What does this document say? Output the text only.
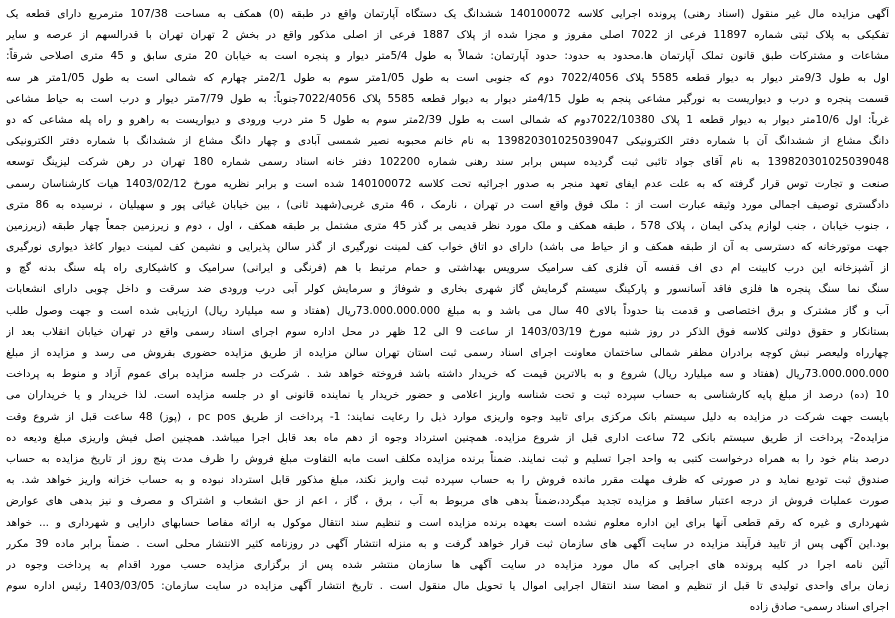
آگهی مزایده مال غیر منقول (اسناد رهنی) پرونده اجرایی کلاسه 140100072 ششدانگ یک دستگاه آپارتمان واقع در طبقه (0) همکف به مساحت 107/38 مترمربع دارای قطعه یک
تفکیکی به پلاک ثبتی شماره 11897 فرعی از 7022 اصلی مفروز و مجزا شده از پلاک 1887 فرعی از اصلی مذکور واقع در بخش 2 تهران تهران با قدرالسهم از عرصه و سایر
مشاعات و مشترکات طبق قانون تملک آپارتمان ها.محدود به حدود: حدود آپارتمان: شمالاً به طول 5/4متر دیوار و پنجره است به خیابان 20 متری سابق و 45 متری اصلاحی شرقاً:
اول به طول 9/3متر دیوار به دیوار قطعه 5585 پلاک 7022/4056 دوم که جنوبی است به طول 1/05متر سوم به طول 2/1متر چهارم که شمالی است به طول 1/05متر هر سه
قسمت پنجره و درب و دیواریست به نورگیر مشاعی پنجم به طول 4/15متر دیوار به دیوار قطعه 5585 پلاک 7022/4056جنوباً: به طول 7/79متر دیوار و درب است به حیاط مشاعی
غرباً: اول 10/6متر دیوار به دیوار قطعه 1 پلاک 7022/10380دوم که شمالی است به طول 2/39متر سوم به طول 5 متر درب ورودی و دیواریست به راهرو و راه پله مشاعی که دو
دانگ مشاع از ششدانگ آن با شماره دفتر الکترونیکی 139820301025039047 به نام خانم محبوبه نصیر شمسی آبادی و چهار دانگ مشاع از ششدانگ با شماره دفتر الکترونیکی
139820301025039048 به نام آقای جواد تائبی ثبت گردیده سپس برابر سند رهنی شماره 102200 دفتر خانه اسناد رسمی شماره 180 تهران در رهن شرکت لیزینگ توسعه
صنعت و تجارت توس قرار گرفته که به علت عدم ایفای تعهد منجر به صدور اجرائیه تحت کلاسه 140100072 شده است و برابر نظریه مورخ 1403/02/12 هیات کارشناسان رسمی
دادگستری توصیف اجمالی مورد وثیقه عبارت است از : ملک فوق واقع است در تهران ، نارمک ، 46 متری غربی(شهید ثانی) ، بین خیابان غیاثی پور و سهیلیان ، نرسیده به 86 متری
، جنوب خیابان ، جنب لوازم یدکی ایمان ، پلاک 578 ، طبقه همکف و ملک مورد نظر قدیمی بر گذر 45 متری مشتمل بر طبقه همکف ، اول ، دوم و زیرزمین جمعاً چهار طبقه (زیرزمین
جهت موتورخانه که دسترسی به آن از طبقه همکف و از حیاط می باشد) دارای دو اتاق خواب کف لمینت نورگیری از گذر سالن پذیرایی و نشیمن کف لمینت دیوار کاغذ دیواری نورگیری
از آشپزخانه این درب کابینت ام دی اف قفسه آن فلزی کف سرامیک سرویس بهداشتی و حمام مرتبط با هم (فرنگی و ایرانی) سرامیک و کاشیکاری راه پله سنگ بدنه گچ و
سنگ نما سنگ پنجره ها فلزی فاقد آسانسور و پارکینگ سیستم گرمایش گاز شهری بخاری و شوفاژ و سرمایش کولر آبی درب ورودی ضد سرقت و داخل چوبی دارای انشعابات
آب و گاز مشترک و برق اختصاصی و قدمت بنا حدوداً بالای 40 سال می باشد و به مبلغ 73.000.000.000ریال (هفتاد و سه میلیارد ریال) ارزیابی شده است و جهت وصول طلب
بستانکار و حقوق دولتی کلاسه فوق الذکر در روز شنبه مورخ 1403/03/19 از ساعت 9 الی 12 ظهر در محل اداره سوم اجرای اسناد رسمی واقع در تهران خیابان انقلاب بعد از
چهارراه ولیعصر نبش کوچه برادران مظفر شمالی ساختمان معاونت اجرای اسناد رسمی ثبت استان تهران سالن مزایده از طریق مزایده حضوری بفروش می رسد و مزایده از مبلغ
73.000.000.000ریال (هفتاد و سه میلیارد ریال) شروع و به بالاترین قیمت که خریدار داشته باشد فروخته خواهد شد . شرکت در جلسه مزایده برای عموم آزاد و منوط به پرداخت
10 (ده) درصد از مبلغ پایه کارشناسی به حساب سپرده ثبت و تحت شناسه واریز اعلامی و حضور خریدار یا نماینده قانونی او در جلسه مزایده است. لذا خریدار و یا خریداران می
بایست جهت شرکت در مزایده به دلیل سیستم بانک مرکزی برای تایید وجوه واریزی موارد ذیل را رعایت نمایند: 1- پرداخت از طریق pc pos ، (پوز) 48 ساعت قبل از شروع وقت
مزایده2- پرداخت از طریق سیستم بانکی 72 ساعت اداری قبل از شروع مزایده. همچنین استرداد وجوه از دهم ماه بعد قابل اجرا میباشد. همچنین اصل فیش واریزی مبلغ ودیعه ده
درصد بنام خود را به همراه درخواست کتبی به واحد اجرا تسلیم و ثبت نمایند. ضمناً برنده مزایده مکلف است مابه التفاوت مبلغ فروش را ظرف مدت پنج روز از تاریخ مزایده به حساب
صندوق ثبت تودیع نماید و در صورتی که ظرف مهلت مقرر مانده فروش را به حساب سپرده ثبت واریز نکند، مبلغ مذکور قابل استرداد نبوده و به حساب خزانه واریز خواهد شد. به
صورت عملیات فروش از درجه اعتبار ساقط و مزایده تجدید میگردد،ضمناً بدهی های مربوط به آب ، برق ، گاز ، اعم از حق انشعاب و اشتراک و مصرف و نیز بدهی های عوارض
شهرداری و غیره که رقم قطعی آنها برای این اداره معلوم نشده است بعهده برنده مزایده است و تنظیم سند انتقال موکول به ارائه مفاصا حسابهای دارایی و شهرداری و ... خواهد
بود.این آگهی پس از تایید فرآیند مزایده در سایت آگهی های سازمان ثبت قرار خواهد گرفت و به منزله انتشار آگهی در روزنامه کثیر الانتشار محلی است . ضمناً برابر ماده 39 مکرر
آئین نامه اجرا در کلیه پرونده های اجرایی که مال مورد مزایده در سایت آگهی ها سازمان منتشر شده پس از برگزاری مزایده حسب مورد اقدام به پرداخت وجوه در
زمان برای واحدی تولیدی تا قبل از تنظیم و امضا سند انتقال اجرایی اموال یا تحویل مال منقول است . تاریخ انتشار آگهی مزایده در سایت سازمان: 1403/03/05 رئیس اداره سوم
اجرای اسناد رسمی- صادق زاده
